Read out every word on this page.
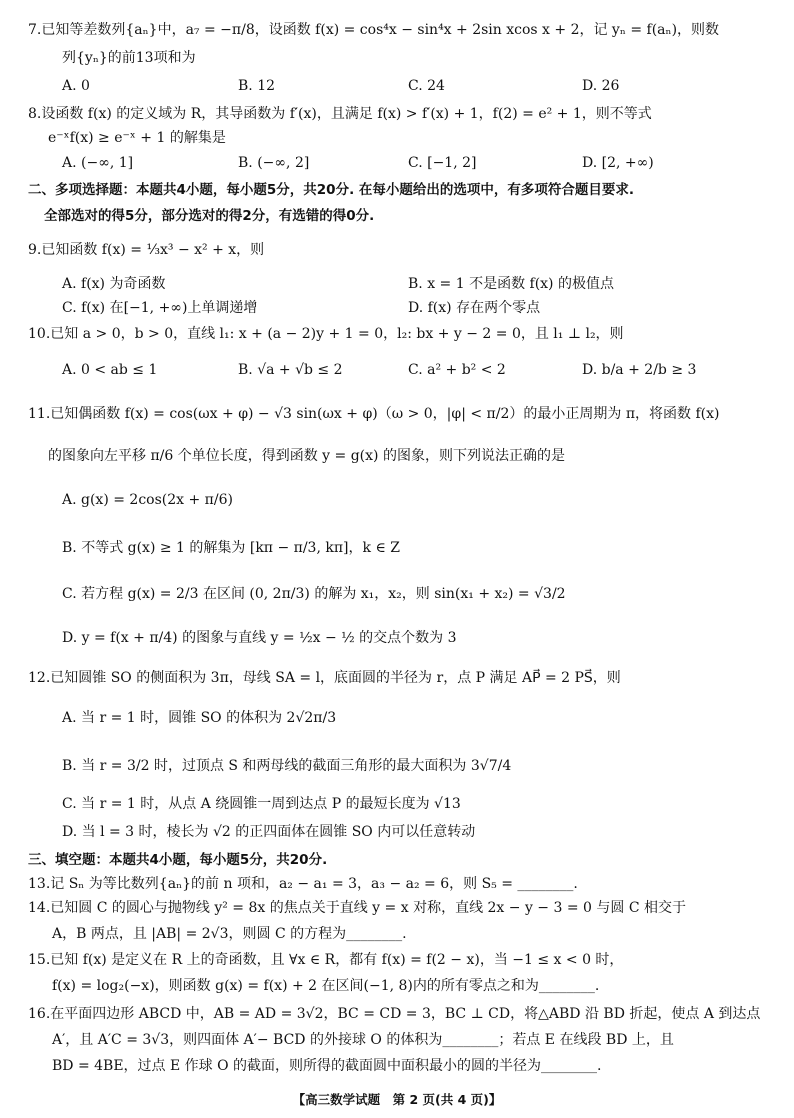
7.已知等差数列{aₙ}中，a₇ = −π/8，设函数 f(x) = cos⁴x − sin⁴x + 2sin xcos x + 2，记 yₙ = f(aₙ)，则数
列{yₙ}的前13项和为
A. 0	B. 12	C. 24	D. 26
8.设函数 f(x) 的定义域为 R，其导函数为 f′(x)，且满足 f(x) > f′(x) + 1，f(2) = e² + 1，则不等式
e⁻ˣf(x) ≥ e⁻ˣ + 1 的解集是
A. (−∞, 1]	B. (−∞, 2]	C. [−1, 2]	D. [2, +∞)
二、多项选择题：本题共4小题，每小题5分，共20分. 在每小题给出的选项中，有多项符合题目要求.
全部选对的得5分，部分选对的得2分，有选错的得0分.
9.已知函数 f(x) = ⅓x³ − x² + x，则
A. f(x) 为奇函数	B. x = 1 不是函数 f(x) 的极值点
C. f(x) 在[−1, +∞)上单调递增	D. f(x) 存在两个零点
10.已知 a > 0，b > 0，直线 l₁: x + (a − 2)y + 1 = 0，l₂: bx + y − 2 = 0，且 l₁ ⊥ l₂，则
A. 0 < ab ≤ 1	B. √a + √b ≤ 2	C. a² + b² < 2	D. b/a + 2/b ≥ 3
11.已知偶函数 f(x) = cos(ωx + φ) − √3 sin(ωx + φ)（ω > 0，|φ| < π/2）的最小正周期为 π，将函数 f(x)
的图象向左平移 π/6 个单位长度，得到函数 y = g(x) 的图象，则下列说法正确的是
A. g(x) = 2cos(2x + π/6)
B. 不等式 g(x) ≥ 1 的解集为 [kπ − π/3, kπ]，k ∈ Z
C. 若方程 g(x) = 2/3 在区间 (0, 2π/3) 的解为 x₁，x₂，则 sin(x₁ + x₂) = √3/2
D. y = f(x + π/4) 的图象与直线 y = ½x − ½ 的交点个数为 3
12.已知圆锥 SO 的侧面积为 3π，母线 SA = l，底面圆的半径为 r，点 P 满足 AP⃗ = 2 PS⃗，则
A. 当 r = 1 时，圆锥 SO 的体积为 2√2π/3
B. 当 r = 3/2 时，过顶点 S 和两母线的截面三角形的最大面积为 3√7/4
C. 当 r = 1 时，从点 A 绕圆锥一周到达点 P 的最短长度为 √13
D. 当 l = 3 时，棱长为 √2 的正四面体在圆锥 SO 内可以任意转动
三、填空题：本题共4小题，每小题5分，共20分.
13.记 Sₙ 为等比数列{aₙ}的前 n 项和，a₂ − a₁ = 3，a₃ − a₂ = 6，则 S₅ = ________.
14.已知圆 C 的圆心与抛物线 y² = 8x 的焦点关于直线 y = x 对称，直线 2x − y − 3 = 0 与圆 C 相交于
A，B 两点，且 |AB| = 2√3，则圆 C 的方程为________.
15.已知 f(x) 是定义在 R 上的奇函数，且 ∀x ∈ R，都有 f(x) = f(2 − x)，当 −1 ≤ x < 0 时，
f(x) = log₂(−x)，则函数 g(x) = f(x) + 2 在区间(−1, 8)内的所有零点之和为________.
16.在平面四边形 ABCD 中，AB = AD = 3√2，BC = CD = 3，BC ⊥ CD，将△ABD 沿 BD 折起，使点 A 到达点
A′，且 A′C = 3√3，则四面体 A′− BCD 的外接球 O 的体积为________；若点 E 在线段 BD 上，且
BD = 4BE，过点 E 作球 O 的截面，则所得的截面圆中面积最小的圆的半径为________.
【高三数学试题　第 2 页(共 4 页)】
